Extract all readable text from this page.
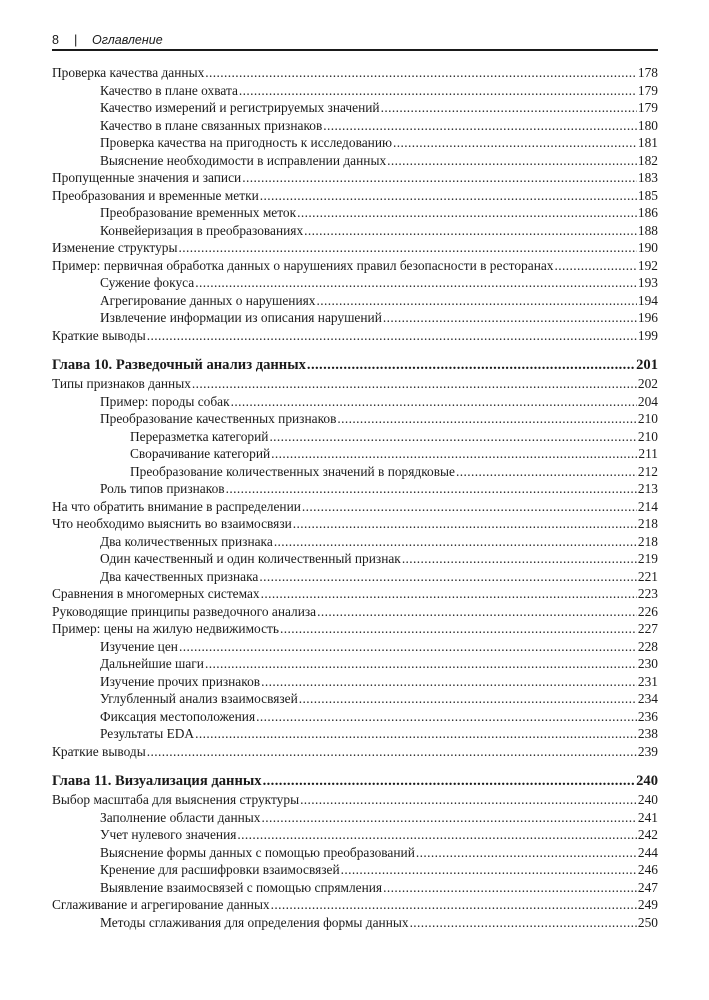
8 | Оглавление
Проверка качества данных .....	178
Качество в плане охвата .....	179
Качество измерений и регистрируемых значений .....	179
Качество в плане связанных признаков .....	180
Проверка качества на пригодность к исследованию .....	181
Выяснение необходимости в исправлении данных .....	182
Пропущенные значения и записи .....	183
Преобразования и временные метки .....	185
Преобразование временных меток .....	186
Конвейеризация в преобразованиях .....	188
Изменение структуры .....	190
Пример: первичная обработка данных о нарушениях правил безопасности в ресторанах .....	192
Сужение фокуса .....	193
Агрегирование данных о нарушениях .....	194
Извлечение информации из описания нарушений .....	196
Краткие выводы .....	199
Глава 10. Разведочный анализ данных .....	201
Типы признаков данных .....	202
Пример: породы собак .....	204
Преобразование качественных признаков .....	210
Переразметка категорий .....	210
Сворачивание категорий .....	211
Преобразование количественных значений в порядковые .....	212
Роль типов признаков .....	213
На что обратить внимание в распределении .....	214
Что необходимо выяснить во взаимосвязи .....	218
Два количественных признака .....	218
Один качественный и один количественный признак .....	219
Два качественных признака .....	221
Сравнения в многомерных системах .....	223
Руководящие принципы разведочного анализа .....	226
Пример: цены на жилую недвижимость .....	227
Изучение цен .....	228
Дальнейшие шаги .....	230
Изучение прочих признаков .....	231
Углубленный анализ взаимосвязей .....	234
Фиксация местоположения .....	236
Результаты EDA .....	238
Краткие выводы .....	239
Глава 11. Визуализация данных .....	240
Выбор масштаба для выяснения структуры .....	240
Заполнение области данных .....	241
Учет нулевого значения .....	242
Выяснение формы данных с помощью преобразований .....	244
Кренение для расшифровки взаимосвязей .....	246
Выявление взаимосвязей с помощью спрямления .....	247
Сглаживание и агрегирование данных .....	249
Методы сглаживания для определения формы данных .....	250
